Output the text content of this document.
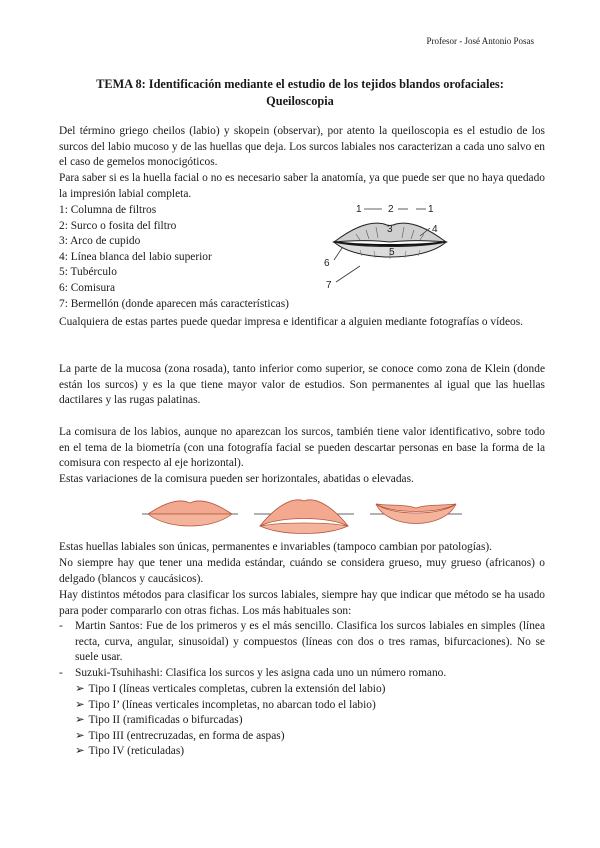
Profesor - José Antonio Posas
TEMA 8: Identificación mediante el estudio de los tejidos blandos orofaciales:
Queiloscopia
Del término griego cheilos (labio) y skopein (observar), por atento la queiloscopia es el estudio de los surcos del labio mucoso y de las huellas que deja. Los surcos labiales nos caracterizan a cada uno salvo en el caso de gemelos monocigóticos.
Para saber si es la huella facial o no es necesario saber la anatomía, ya que puede ser que no haya quedado la impresión labial completa.
1: Columna de filtros
2: Surco o fosita del filtro
3: Arco de cupido
4: Línea blanca del labio superior
5: Tubérculo
6: Comisura
7: Bermellón (donde aparecen más características)
1	2	1
3	4
5
6
7
Cualquiera de estas partes puede quedar impresa e identificar a alguien mediante fotografías o vídeos.
La parte de la mucosa (zona rosada), tanto inferior como superior, se conoce como zona de Klein (donde están los surcos) y es la que tiene mayor valor de estudios. Son permanentes al igual que las huellas dactilares y las rugas palatinas.
La comisura de los labios, aunque no aparezcan los surcos, también tiene valor identificativo, sobre todo en el tema de la biometría (con una fotografía facial se pueden descartar personas en base la forma de la comisura con respecto al eje horizontal).
Estas variaciones de la comisura pueden ser horizontales, abatidas o elevadas.
Estas huellas labiales son únicas, permanentes e invariables (tampoco cambian por patologías).
No siempre hay que tener una medida estándar, cuándo se considera grueso, muy grueso (africanos) o delgado (blancos y caucásicos).
Hay distintos métodos para clasificar los surcos labiales, siempre hay que indicar que método se ha usado para poder compararlo con otras fichas. Los más habituales son:
- Martin Santos: Fue de los primeros y es el más sencillo. Clasifica los surcos labiales en simples (línea recta, curva, angular, sinusoidal) y compuestos (líneas con dos o tres ramas, bifurcaciones). No se suele usar.
- Suzuki-Tsuhihashi: Clasifica los surcos y les asigna cada uno un número romano.
➢ Tipo I (líneas verticales completas, cubren la extensión del labio)
➢ Tipo I’ (líneas verticales incompletas, no abarcan todo el labio)
➢ Tipo II (ramificadas o bifurcadas)
➢ Tipo III (entrecruzadas, en forma de aspas)
➢ Tipo IV (reticuladas)
